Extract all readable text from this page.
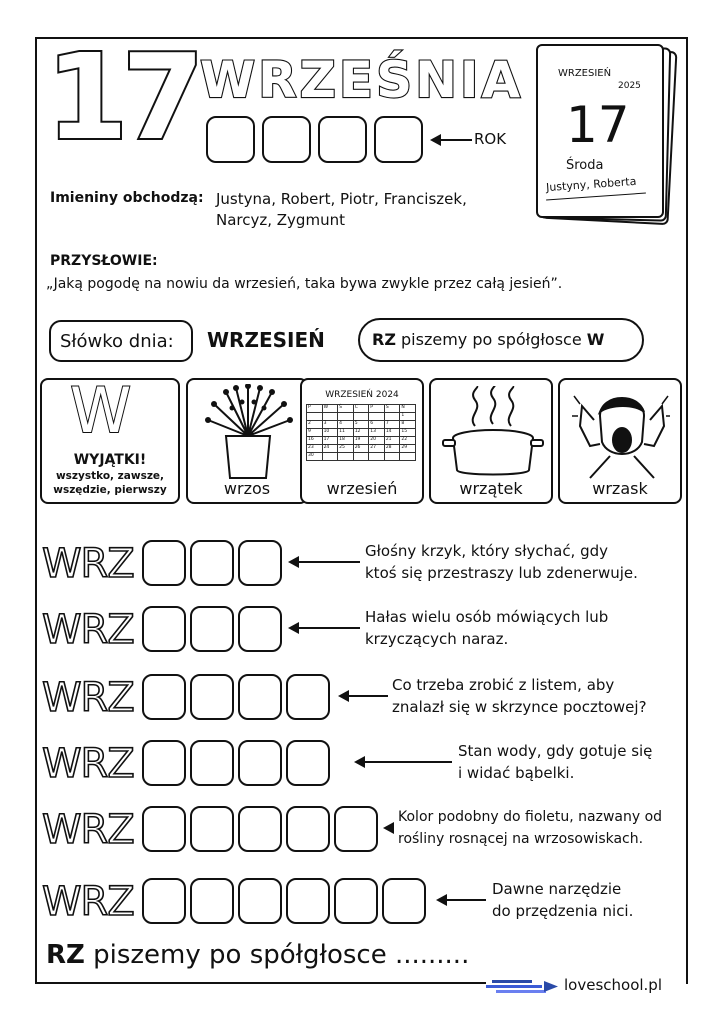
17 WRZEŚNIA
ROK
WRZESIEŃ
2025
17
Środa
Justyny, Roberta
Imieniny obchodzą: Justyna, Robert, Piotr, Franciszek,
Narcyz, Zygmunt
PRZYSŁOWIE:
„Jaką pogodę na nowiu da wrzesień, taka bywa zwykle przez całą jesień”.
Słówko dnia: WRZESIEŃ	RZ piszemy po spółgłosce W
W
WYJĄTKI!
wszystko, zawsze,
wszędzie, pierwszy	wrzos
WRZESIEŃ 2024
P	W	Ś	C	P	S	N
						1
2	3	4	5	6	7	8
9	10	11	12	13	14	15
16	17	18	19	20	21	22
23	24	25	26	27	28	29
30						
wrzesień	wrzątek	wrzask
WRZ	Głośny krzyk, który słychać, gdy
ktoś się przestraszy lub zdenerwuje.
WRZ	Hałas wielu osób mówiących lub
krzyczących naraz.
WRZ	Co trzeba zrobić z listem, aby
znalazł się w skrzynce pocztowej?
WRZ	Stan wody, gdy gotuje się
i widać bąbelki.
WRZ	Kolor podobny do fioletu, nazwany od
rośliny rosnącej na wrzosowiskach.
WRZ	Dawne narzędzie
do przędzenia nici.
RZ piszemy po spółgłosce .........
loveschool.pl
